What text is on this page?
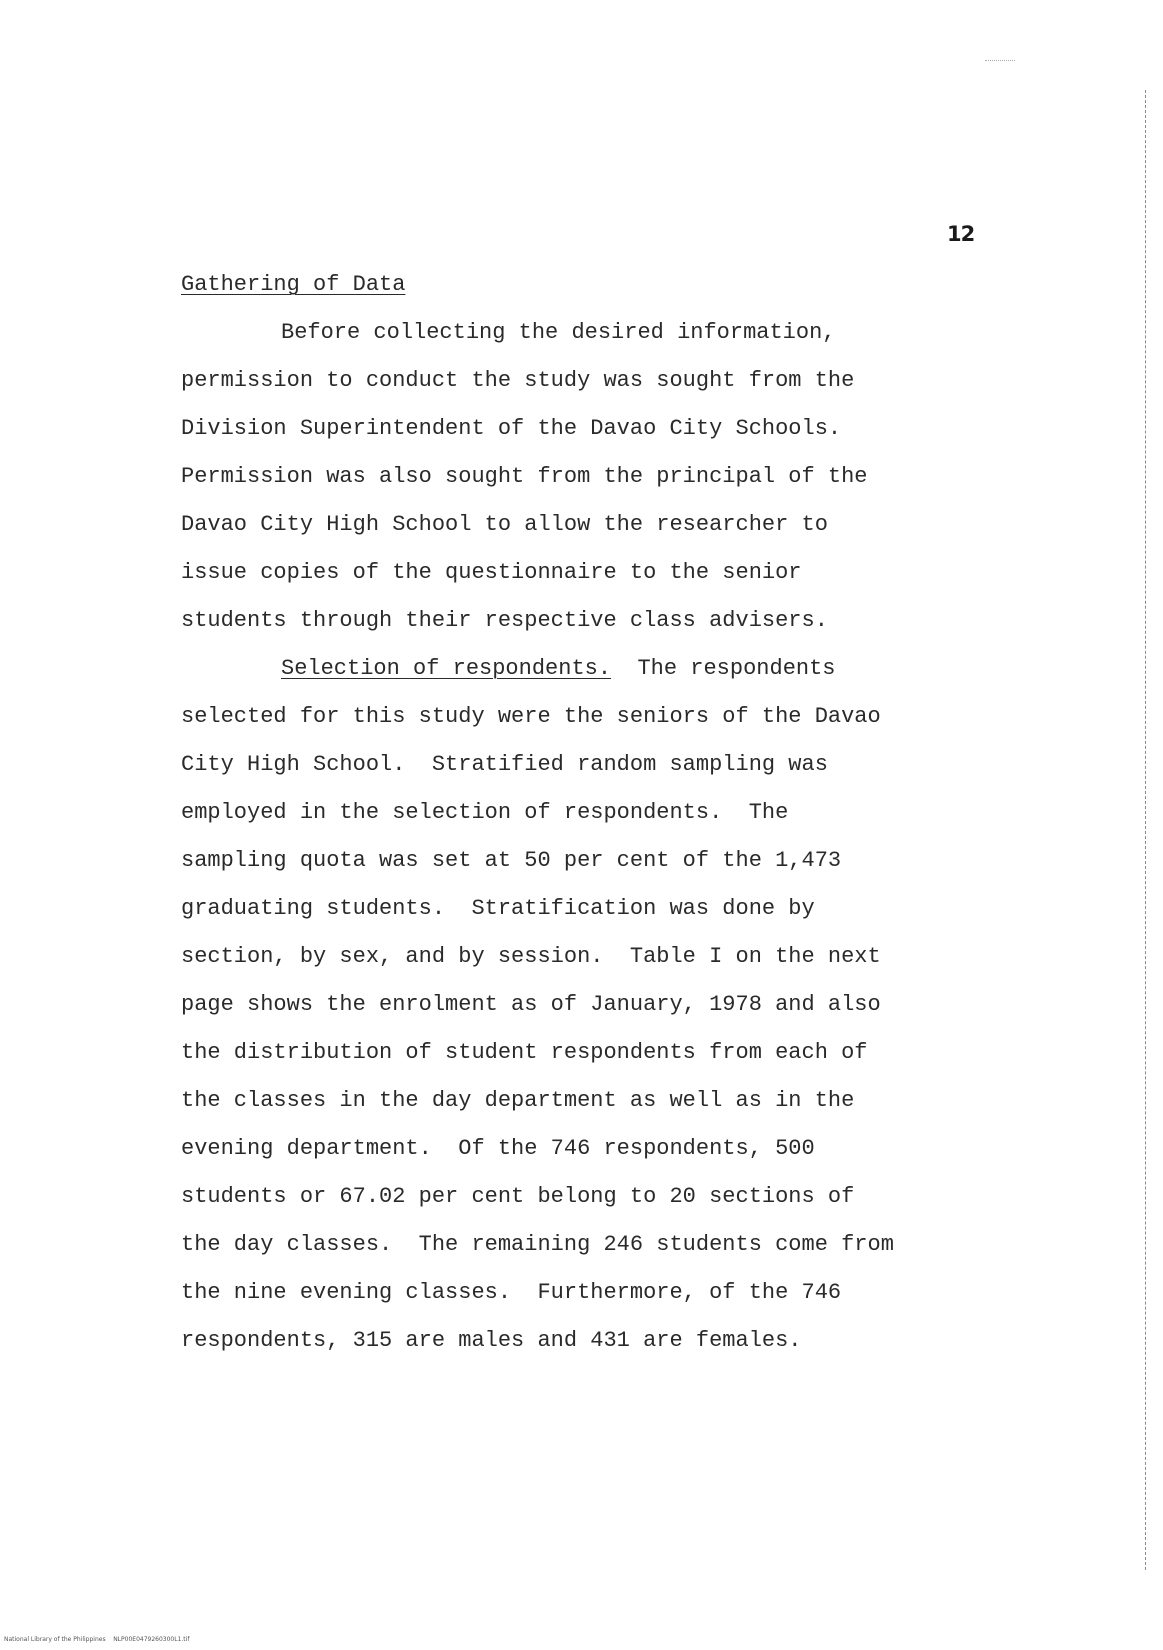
12
Gathering of Data
Before collecting the desired information,
permission to conduct the study was sought from the
Division Superintendent of the Davao City Schools.
Permission was also sought from the principal of the
Davao City High School to allow the researcher to
issue copies of the questionnaire to the senior
students through their respective class advisers.
Selection of respondents.  The respondents
selected for this study were the seniors of the Davao
City High School.  Stratified random sampling was
employed in the selection of respondents.  The
sampling quota was set at 50 per cent of the 1,473
graduating students.  Stratification was done by
section, by sex, and by session.  Table I on the next
page shows the enrolment as of January, 1978 and also
the distribution of student respondents from each of
the classes in the day department as well as in the
evening department.  Of the 746 respondents, 500
students or 67.02 per cent belong to 20 sections of
the day classes.  The remaining 246 students come from
the nine evening classes.  Furthermore, of the 746
respondents, 315 are males and 431 are females.
National Library of the Philippines    NLP00E0479260300L1.tif
